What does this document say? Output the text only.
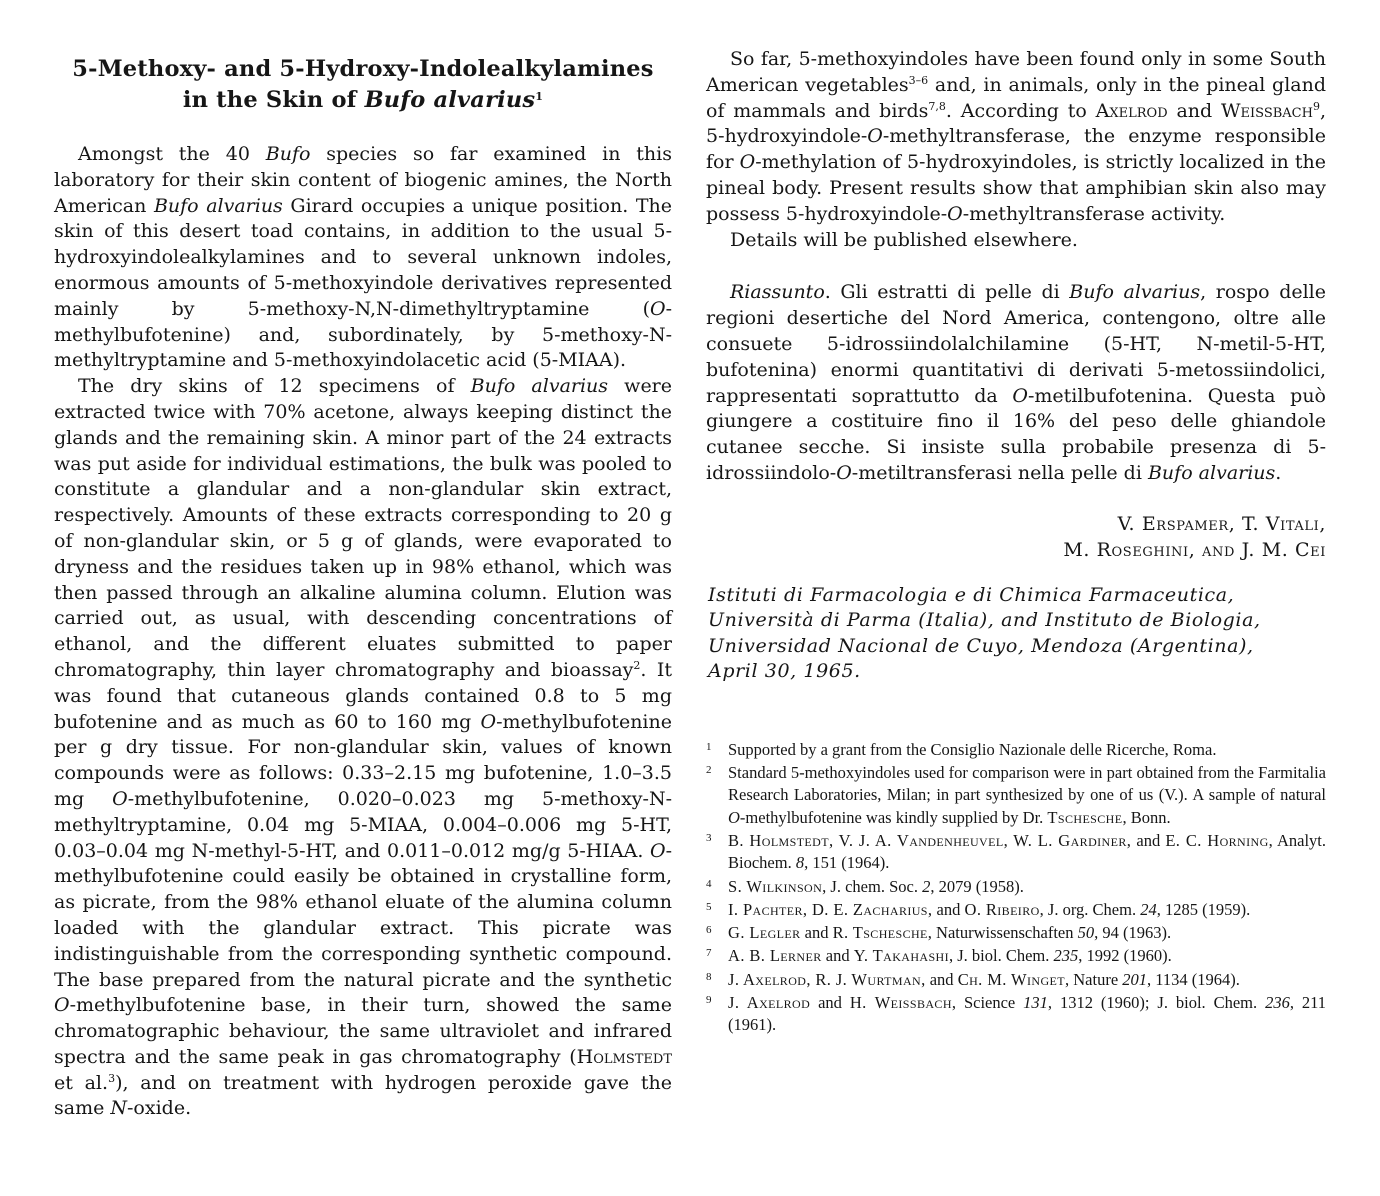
5-Methoxy- and 5-Hydroxy-Indolealkylamines
in the Skin of Bufo alvarius$^1$

Amongst the 40 Bufo species so far examined in this laboratory for their skin content of biogenic amines, the North American Bufo alvarius Girard occupies a unique position. The skin of this desert toad contains, in addition to the usual 5-hydroxyindolealkylamines and to several unknown indoles, enormous amounts of 5-methoxyindole derivatives represented mainly by 5-methoxy-N,N-dimethyltryptamine (O-methylbufotenine) and, subordinately, by 5-methoxy-N-methyltryptamine and 5-methoxyindolacetic acid (5-MIAA).

The dry skins of 12 specimens of Bufo alvarius were extracted twice with 70% acetone, always keeping distinct the glands and the remaining skin. A minor part of the 24 extracts was put aside for individual estimations, the bulk was pooled to constitute a glandular and a non-glandular skin extract, respectively. Amounts of these extracts corresponding to 20 g of non-glandular skin, or 5 g of glands, were evaporated to dryness and the residues taken up in 98% ethanol, which was then passed through an alkaline alumina column. Elution was carried out, as usual, with descending concentrations of ethanol, and the different eluates submitted to paper chromatography, thin layer chromatography and bioassay$^2$. It was found that cutaneous glands contained 0.8 to 5 mg bufotenine and as much as 60 to 160 mg O-methylbufotenine per g dry tissue. For non-glandular skin, values of known compounds were as follows: 0.33–2.15 mg bufotenine, 1.0–3.5 mg O-methylbufotenine, 0.020–0.023 mg 5-methoxy-N-methyltryptamine, 0.04 mg 5-MIAA, 0.004–0.006 mg 5-HT, 0.03–0.04 mg N-methyl-5-HT, and 0.011–0.012 mg/g 5-HIAA. O-methylbufotenine could easily be obtained in crystalline form, as picrate, from the 98% ethanol eluate of the alumina column loaded with the glandular extract. This picrate was indistinguishable from the corresponding synthetic compound. The base prepared from the natural picrate and the synthetic O-methylbufotenine base, in their turn, showed the same chromatographic behaviour, the same ultraviolet and infrared spectra and the same peak in gas chromatography (Holmstedt et al.$^3$), and on treatment with hydrogen peroxide gave the same N-oxide.

So far, 5-methoxyindoles have been found only in some South American vegetables$^{3-6}$ and, in animals, only in the pineal gland of mammals and birds$^{7,8}$. According to Axelrod and Weissbach$^9$, 5-hydroxyindole-O-methyltransferase, the enzyme responsible for O-methylation of 5-hydroxyindoles, is strictly localized in the pineal body. Present results show that amphibian skin also may possess 5-hydroxyindole-O-methyltransferase activity.

Details will be published elsewhere.

Riassunto. Gli estratti di pelle di Bufo alvarius, rospo delle regioni desertiche del Nord America, contengono, oltre alle consuete 5-idrossiindolalchilamine (5-HT, N-metil-5-HT, bufotenina) enormi quantitativi di derivati 5-metossiindolici, rappresentati soprattutto da O-metilbufotenina. Questa può giungere a costituire fino il 16% del peso delle ghiandole cutanee secche. Si insiste sulla probabile presenza di 5-idrossiindolo-O-metiltransferasi nella pelle di Bufo alvarius.

V. Erspamer, T. Vitali,
M. Roseghini, and J. M. Cei
Istituti di Farmacologia e di Chimica Farmaceutica,
Università di Parma (Italia), and Instituto de Biologia,
Universidad Nacional de Cuyo, Mendoza (Argentina),
April 30, 1965.
1 Supported by a grant from the Consiglio Nazionale delle Ricerche, Roma.
2 Standard 5-methoxyindoles used for comparison were in part obtained from the Farmitalia Research Laboratories, Milan; in part synthesized by one of us (V.). A sample of natural O-methylbufotenine was kindly supplied by Dr. Tschesche, Bonn.
3 B. Holmstedt, V. J. A. Vandenheuvel, W. L. Gardiner, and E. C. Horning, Analyt. Biochem. 8, 151 (1964).
4 S. Wilkinson, J. chem. Soc. 2, 2079 (1958).
5 I. Pachter, D. E. Zacharius, and O. Ribeiro, J. org. Chem. 24, 1285 (1959).
6 G. Legler and R. Tschesche, Naturwissenschaften 50, 94 (1963).
7 A. B. Lerner and Y. Takahashi, J. biol. Chem. 235, 1992 (1960).
8 J. Axelrod, R. J. Wurtman, and Ch. M. Winget, Nature 201, 1134 (1964).
9 J. Axelrod and H. Weissbach, Science 131, 1312 (1960); J. biol. Chem. 236, 211 (1961).
